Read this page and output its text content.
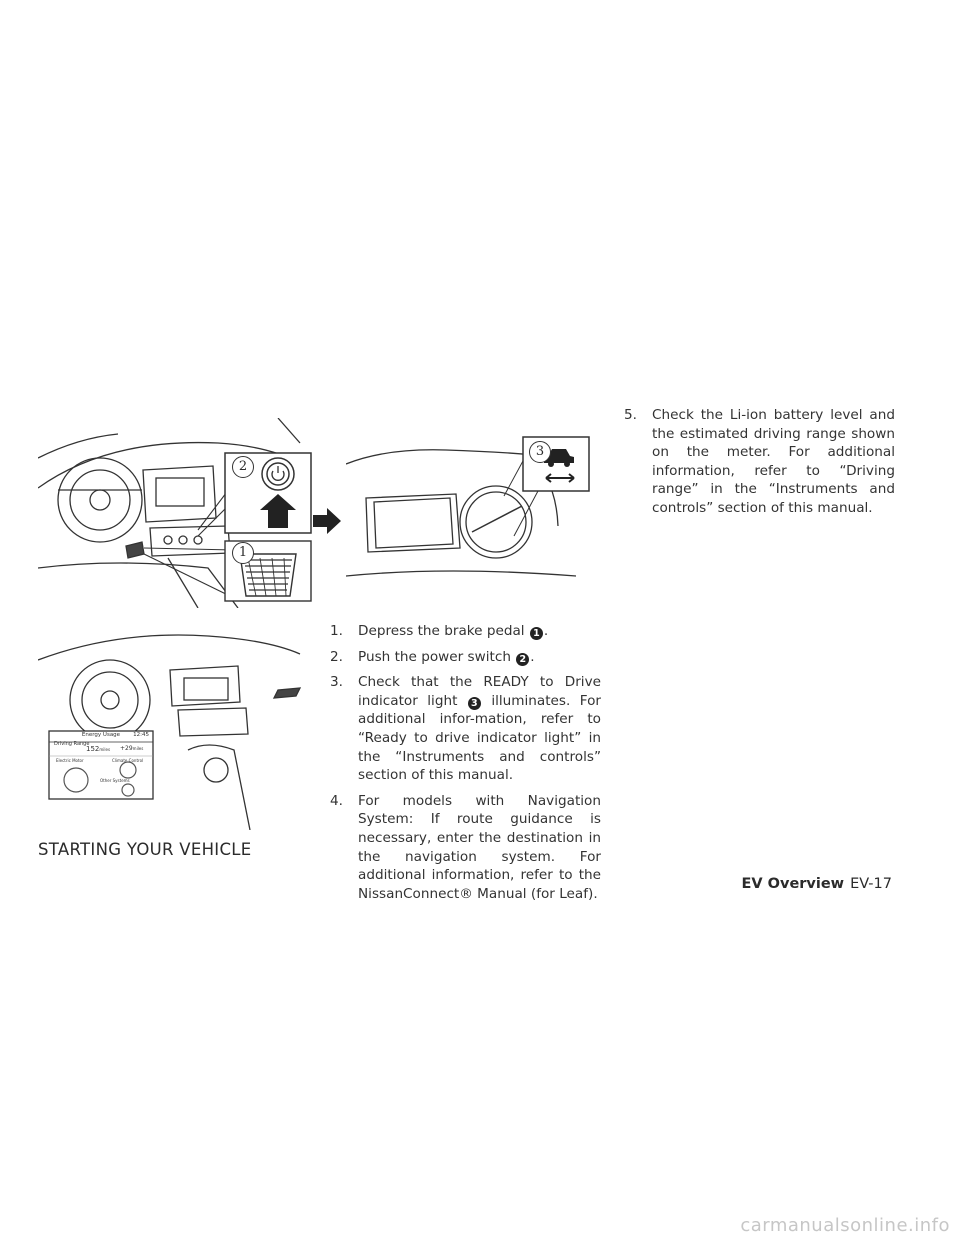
2
1
3
Energy Usage 12:45
Driving Range
152miles +29miles
Electric Motor	Climate Control
Other Systems
1. Depress the brake pedal 1 .
2. Push the power switch 2 .
3. Check that the READY to Drive indicator light 3 illuminates. For additional infor-mation, refer to “Ready to drive indicator light” in the “Instruments and controls” section of this manual.
4. For models with Navigation System: If route guidance is necessary, enter the destination in the navigation system. For additional information, refer to the NissanConnect® Manual (for Leaf).
5. Check the Li-ion battery level and the estimated driving range shown on the meter. For additional information, refer to “Driving range” in the “Instruments and controls” section of this manual.
STARTING YOUR VEHICLE
EV Overview EV-17
carmanualsonline.info
